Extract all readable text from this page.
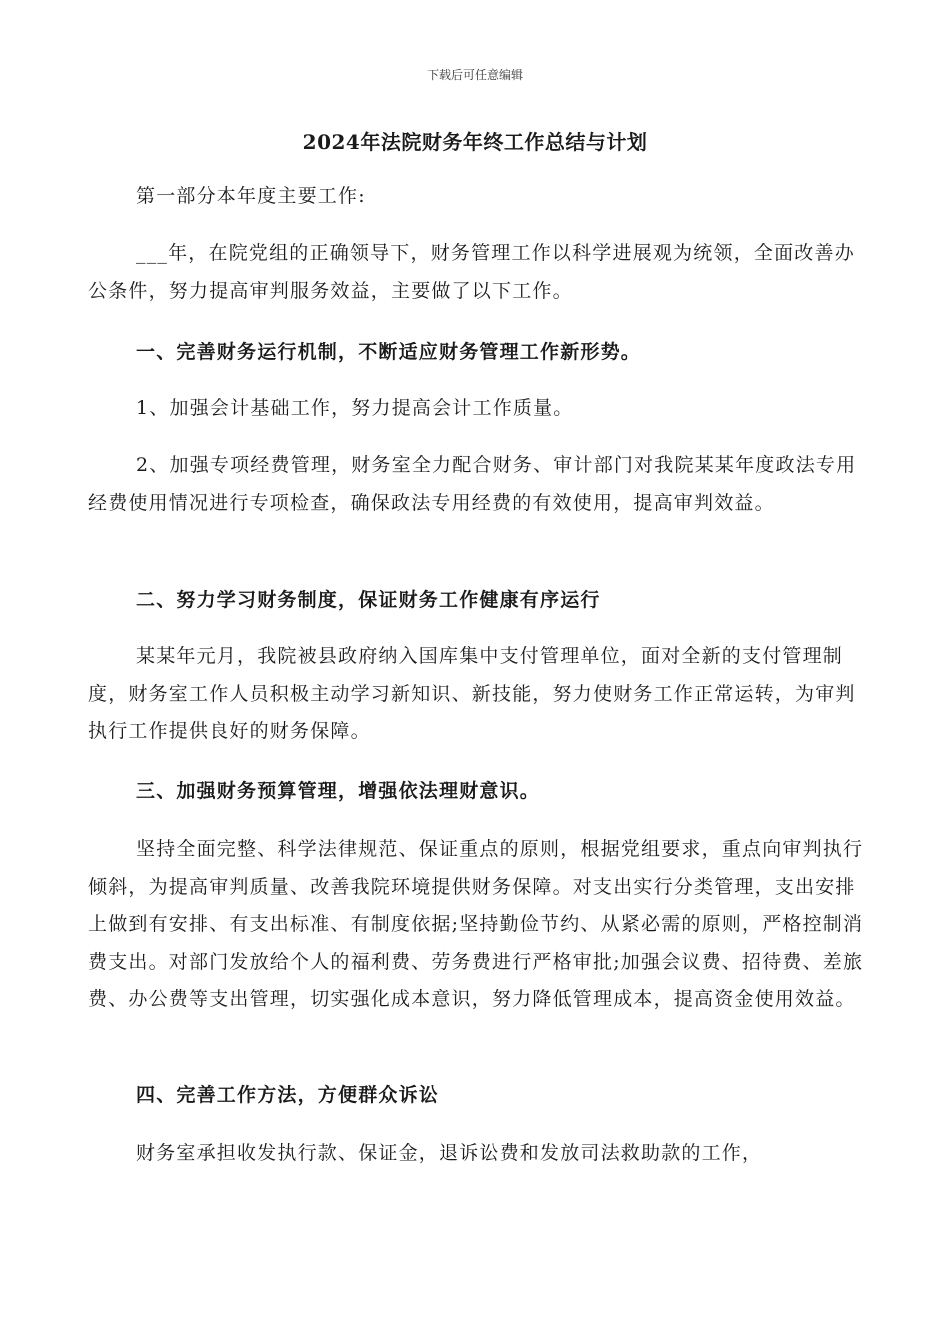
下载后可任意编辑
2024年法院财务年终工作总结与计划

第一部分本年度主要工作:

___年，在院党组的正确领导下，财务管理工作以科学进展观为统领，全面改善办公条件，努力提高审判服务效益，主要做了以下工作。

一、完善财务运行机制，不断适应财务管理工作新形势。

1、加强会计基础工作，努力提高会计工作质量。

2、加强专项经费管理，财务室全力配合财务、审计部门对我院某某年度政法专用经费使用情况进行专项检查，确保政法专用经费的有效使用，提高审判效益。

二、努力学习财务制度，保证财务工作健康有序运行

某某年元月，我院被县政府纳入国库集中支付管理单位，面对全新的支付管理制度，财务室工作人员积极主动学习新知识、新技能，努力使财务工作正常运转，为审判执行工作提供良好的财务保障。

三、加强财务预算管理，增强依法理财意识。

坚持全面完整、科学法律规范、保证重点的原则，根据党组要求，重点向审判执行倾斜，为提高审判质量、改善我院环境提供财务保障。对支出实行分类管理，支出安排上做到有安排、有支出标准、有制度依据;坚持勤俭节约、从紧必需的原则，严格控制消费支出。对部门发放给个人的福利费、劳务费进行严格审批;加强会议费、招待费、差旅费、办公费等支出管理，切实强化成本意识，努力降低管理成本，提高资金使用效益。

四、完善工作方法，方便群众诉讼

财务室承担收发执行款、保证金，退诉讼费和发放司法救助款的工作，
